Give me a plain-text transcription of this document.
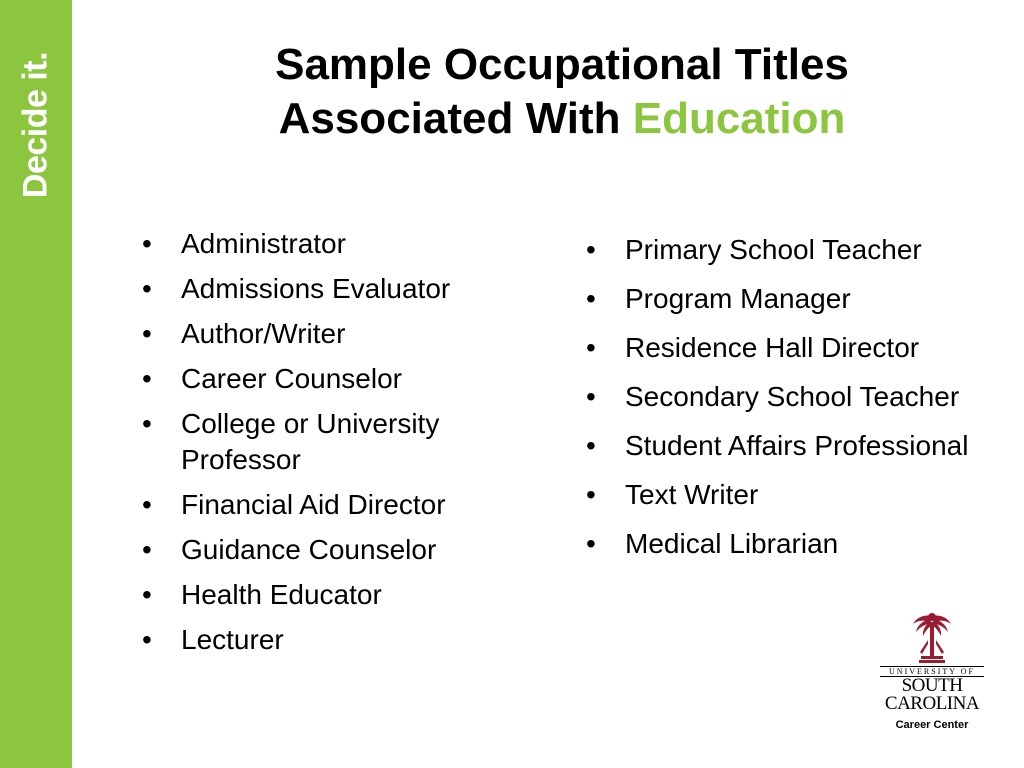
Decide it.	Sample Occupational Titles
Associated With Education
• Administrator
• Admissions Evaluator
• Author/Writer
• Career Counselor
• College or University Professor
• Financial Aid Director
• Guidance Counselor
• Health Educator
• Lecturer
• Primary School Teacher
• Program Manager
• Residence Hall Director
• Secondary School Teacher
• Student Affairs Professional
• Text Writer
• Medical Librarian
UNIVERSITY OF
SOUTH
CAROLINA
Career Center
